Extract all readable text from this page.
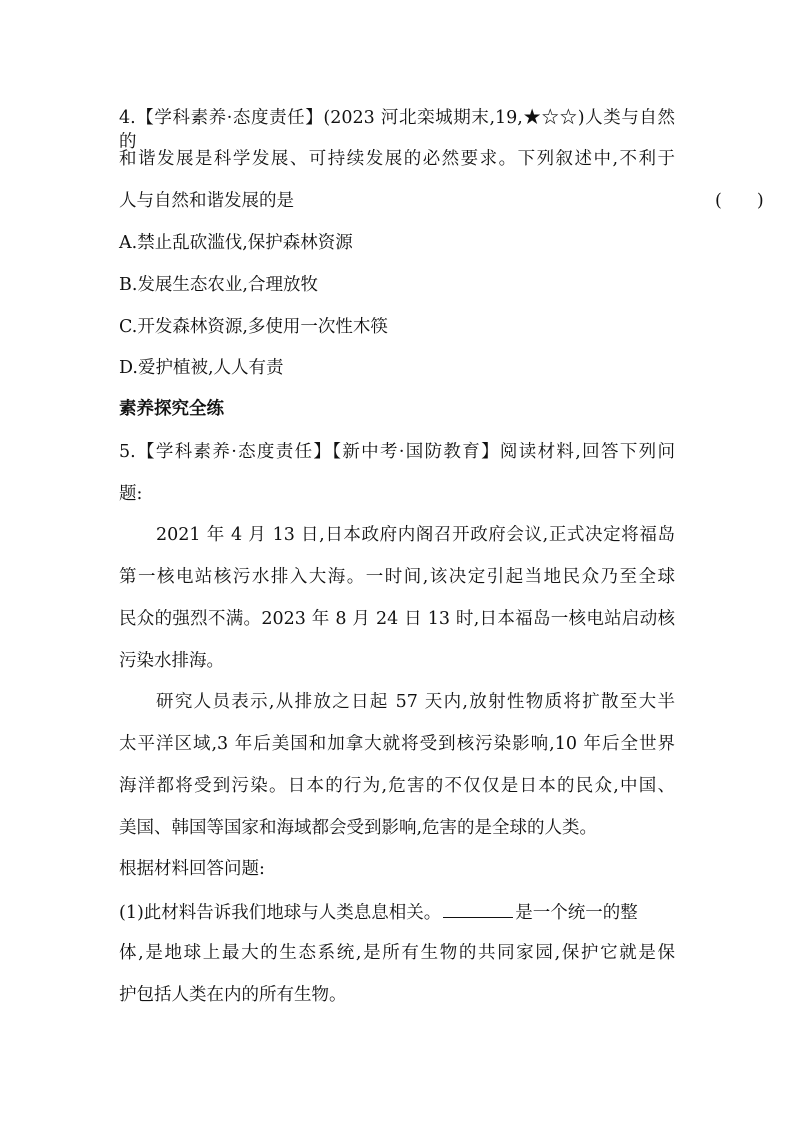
4.【学科素养·态度责任】(2023 河北栾城期末,19,★☆☆)人类与自然的
和谐发展是科学发展、可持续发展的必然要求。下列叙述中,不利于
人与自然和谐发展的是	(　　)
A.禁止乱砍滥伐,保护森林资源
B.发展生态农业,合理放牧
C.开发森林资源,多使用一次性木筷
D.爱护植被,人人有责
素养探究全练
5.【学科素养·态度责任】【新中考·国防教育】阅读材料,回答下列问
题:
2021 年 4 月 13 日,日本政府内阁召开政府会议,正式决定将福岛
第一核电站核污水排入大海。一时间,该决定引起当地民众乃至全球
民众的强烈不满。2023 年 8 月 24 日 13 时,日本福岛一核电站启动核
污染水排海。
研究人员表示,从排放之日起 57 天内,放射性物质将扩散至大半
太平洋区域,3 年后美国和加拿大就将受到核污染影响,10 年后全世界
海洋都将受到污染。日本的行为,危害的不仅仅是日本的民众,中国、
美国、韩国等国家和海域都会受到影响,危害的是全球的人类。
根据材料回答问题:
(1)此材料告诉我们地球与人类息息相关。	是一个统一的整
体,是地球上最大的生态系统,是所有生物的共同家园,保护它就是保
护包括人类在内的所有生物。
